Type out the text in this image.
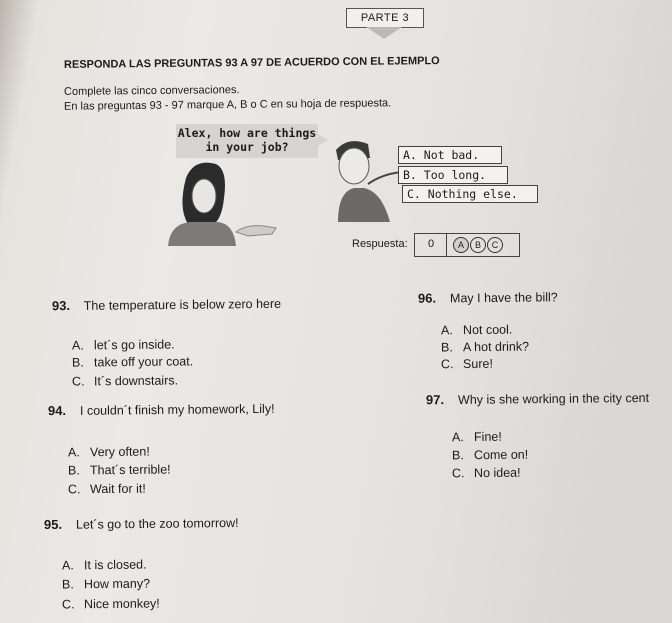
PARTE 3
RESPONDA LAS PREGUNTAS 93 A 97 DE ACUERDO CON EL EJEMPLO
Complete las cinco conversaciones.
En las preguntas 93 - 97 marque A, B o C en su hoja de respuesta.
Alex, how are things
in your job?
A. Not bad.
B. Too long.
C. Nothing else.
Respuesta:	0	A	B	C
93. The temperature is below zero here
A. let´s go inside.
B. take off your coat.
C. It´s downstairs.
94. I couldn´t finish my homework, Lily!
A. Very often!
B. That´s terrible!
C. Wait for it!
95. Let´s go to the zoo tomorrow!
A. It is closed.
B. How many?
C. Nice monkey!
96. May I have the bill?
A. Not cool.
B. A hot drink?
C. Sure!
97. Why is she working in the city cent
A. Fine!
B. Come on!
C. No idea!
